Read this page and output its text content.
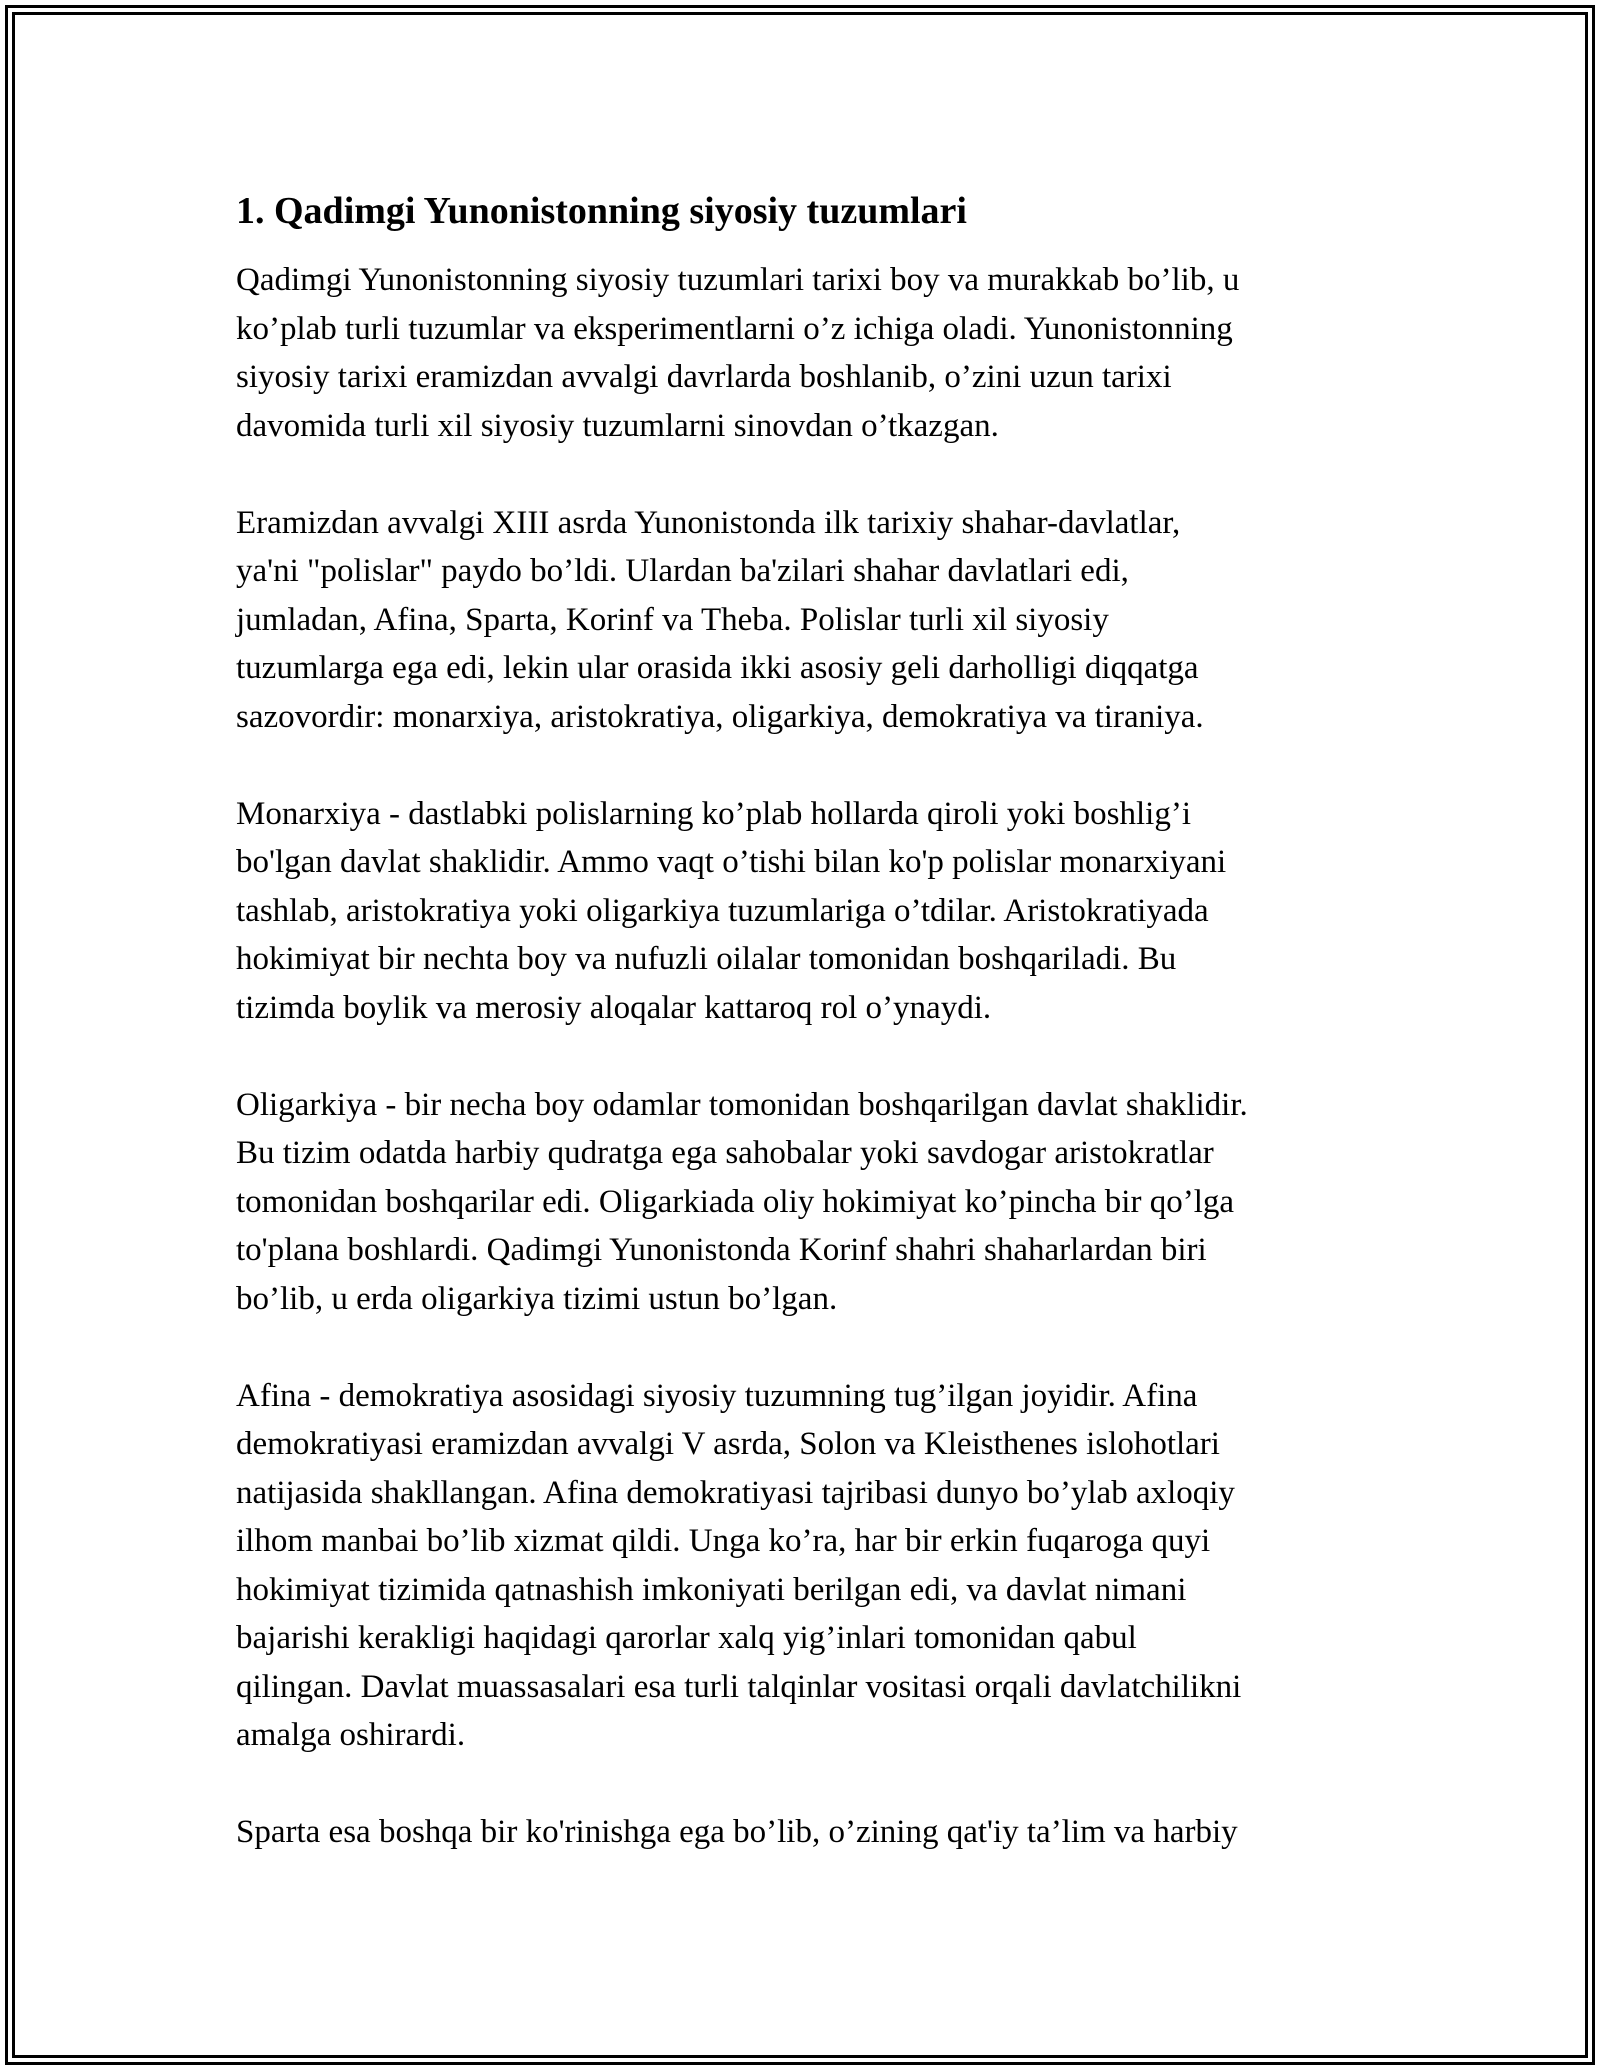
1. Qadimgi Yunonistonning siyosiy tuzumlari

Qadimgi Yunonistonning siyosiy tuzumlari tarixi boy va murakkab bo’lib, u
ko’plab turli tuzumlar va eksperimentlarni o’z ichiga oladi. Yunonistonning
siyosiy tarixi eramizdan avvalgi davrlarda boshlanib, o’zini uzun tarixi
davomida turli xil siyosiy tuzumlarni sinovdan o’tkazgan.

Eramizdan avvalgi XIII asrda Yunonistonda ilk tarixiy shahar-davlatlar,
ya'ni "polislar" paydo bo’ldi. Ulardan ba'zilari shahar davlatlari edi,
jumladan, Afina, Sparta, Korinf va Theba. Polislar turli xil siyosiy
tuzumlarga ega edi, lekin ular orasida ikki asosiy geli darholligi diqqatga
sazovordir: monarxiya, aristokratiya, oligarkiya, demokratiya va tiraniya.

Monarxiya - dastlabki polislarning ko’plab hollarda qiroli yoki boshlig’i
bo'lgan davlat shaklidir. Ammo vaqt o’tishi bilan ko'p polislar monarxiyani
tashlab, aristokratiya yoki oligarkiya tuzumlariga o’tdilar. Aristokratiyada
hokimiyat bir nechta boy va nufuzli oilalar tomonidan boshqariladi. Bu
tizimda boylik va merosiy aloqalar kattaroq rol o’ynaydi.

Oligarkiya - bir necha boy odamlar tomonidan boshqarilgan davlat shaklidir.
Bu tizim odatda harbiy qudratga ega sahobalar yoki savdogar aristokratlar
tomonidan boshqarilar edi. Oligarkiada oliy hokimiyat ko’pincha bir qo’lga
to'plana boshlardi. Qadimgi Yunonistonda Korinf shahri shaharlardan biri
bo’lib, u erda oligarkiya tizimi ustun bo’lgan.

Afina - demokratiya asosidagi siyosiy tuzumning tug’ilgan joyidir. Afina
demokratiyasi eramizdan avvalgi V asrda, Solon va Kleisthenes islohotlari
natijasida shakllangan. Afina demokratiyasi tajribasi dunyo bo’ylab axloqiy
ilhom manbai bo’lib xizmat qildi. Unga ko’ra, har bir erkin fuqaroga quyi
hokimiyat tizimida qatnashish imkoniyati berilgan edi, va davlat nimani
bajarishi kerakligi haqidagi qarorlar xalq yig’inlari tomonidan qabul
qilingan. Davlat muassasalari esa turli talqinlar vositasi orqali davlatchilikni
amalga oshirardi.

Sparta esa boshqa bir ko'rinishga ega bo’lib, o’zining qat'iy ta’lim va harbiy
